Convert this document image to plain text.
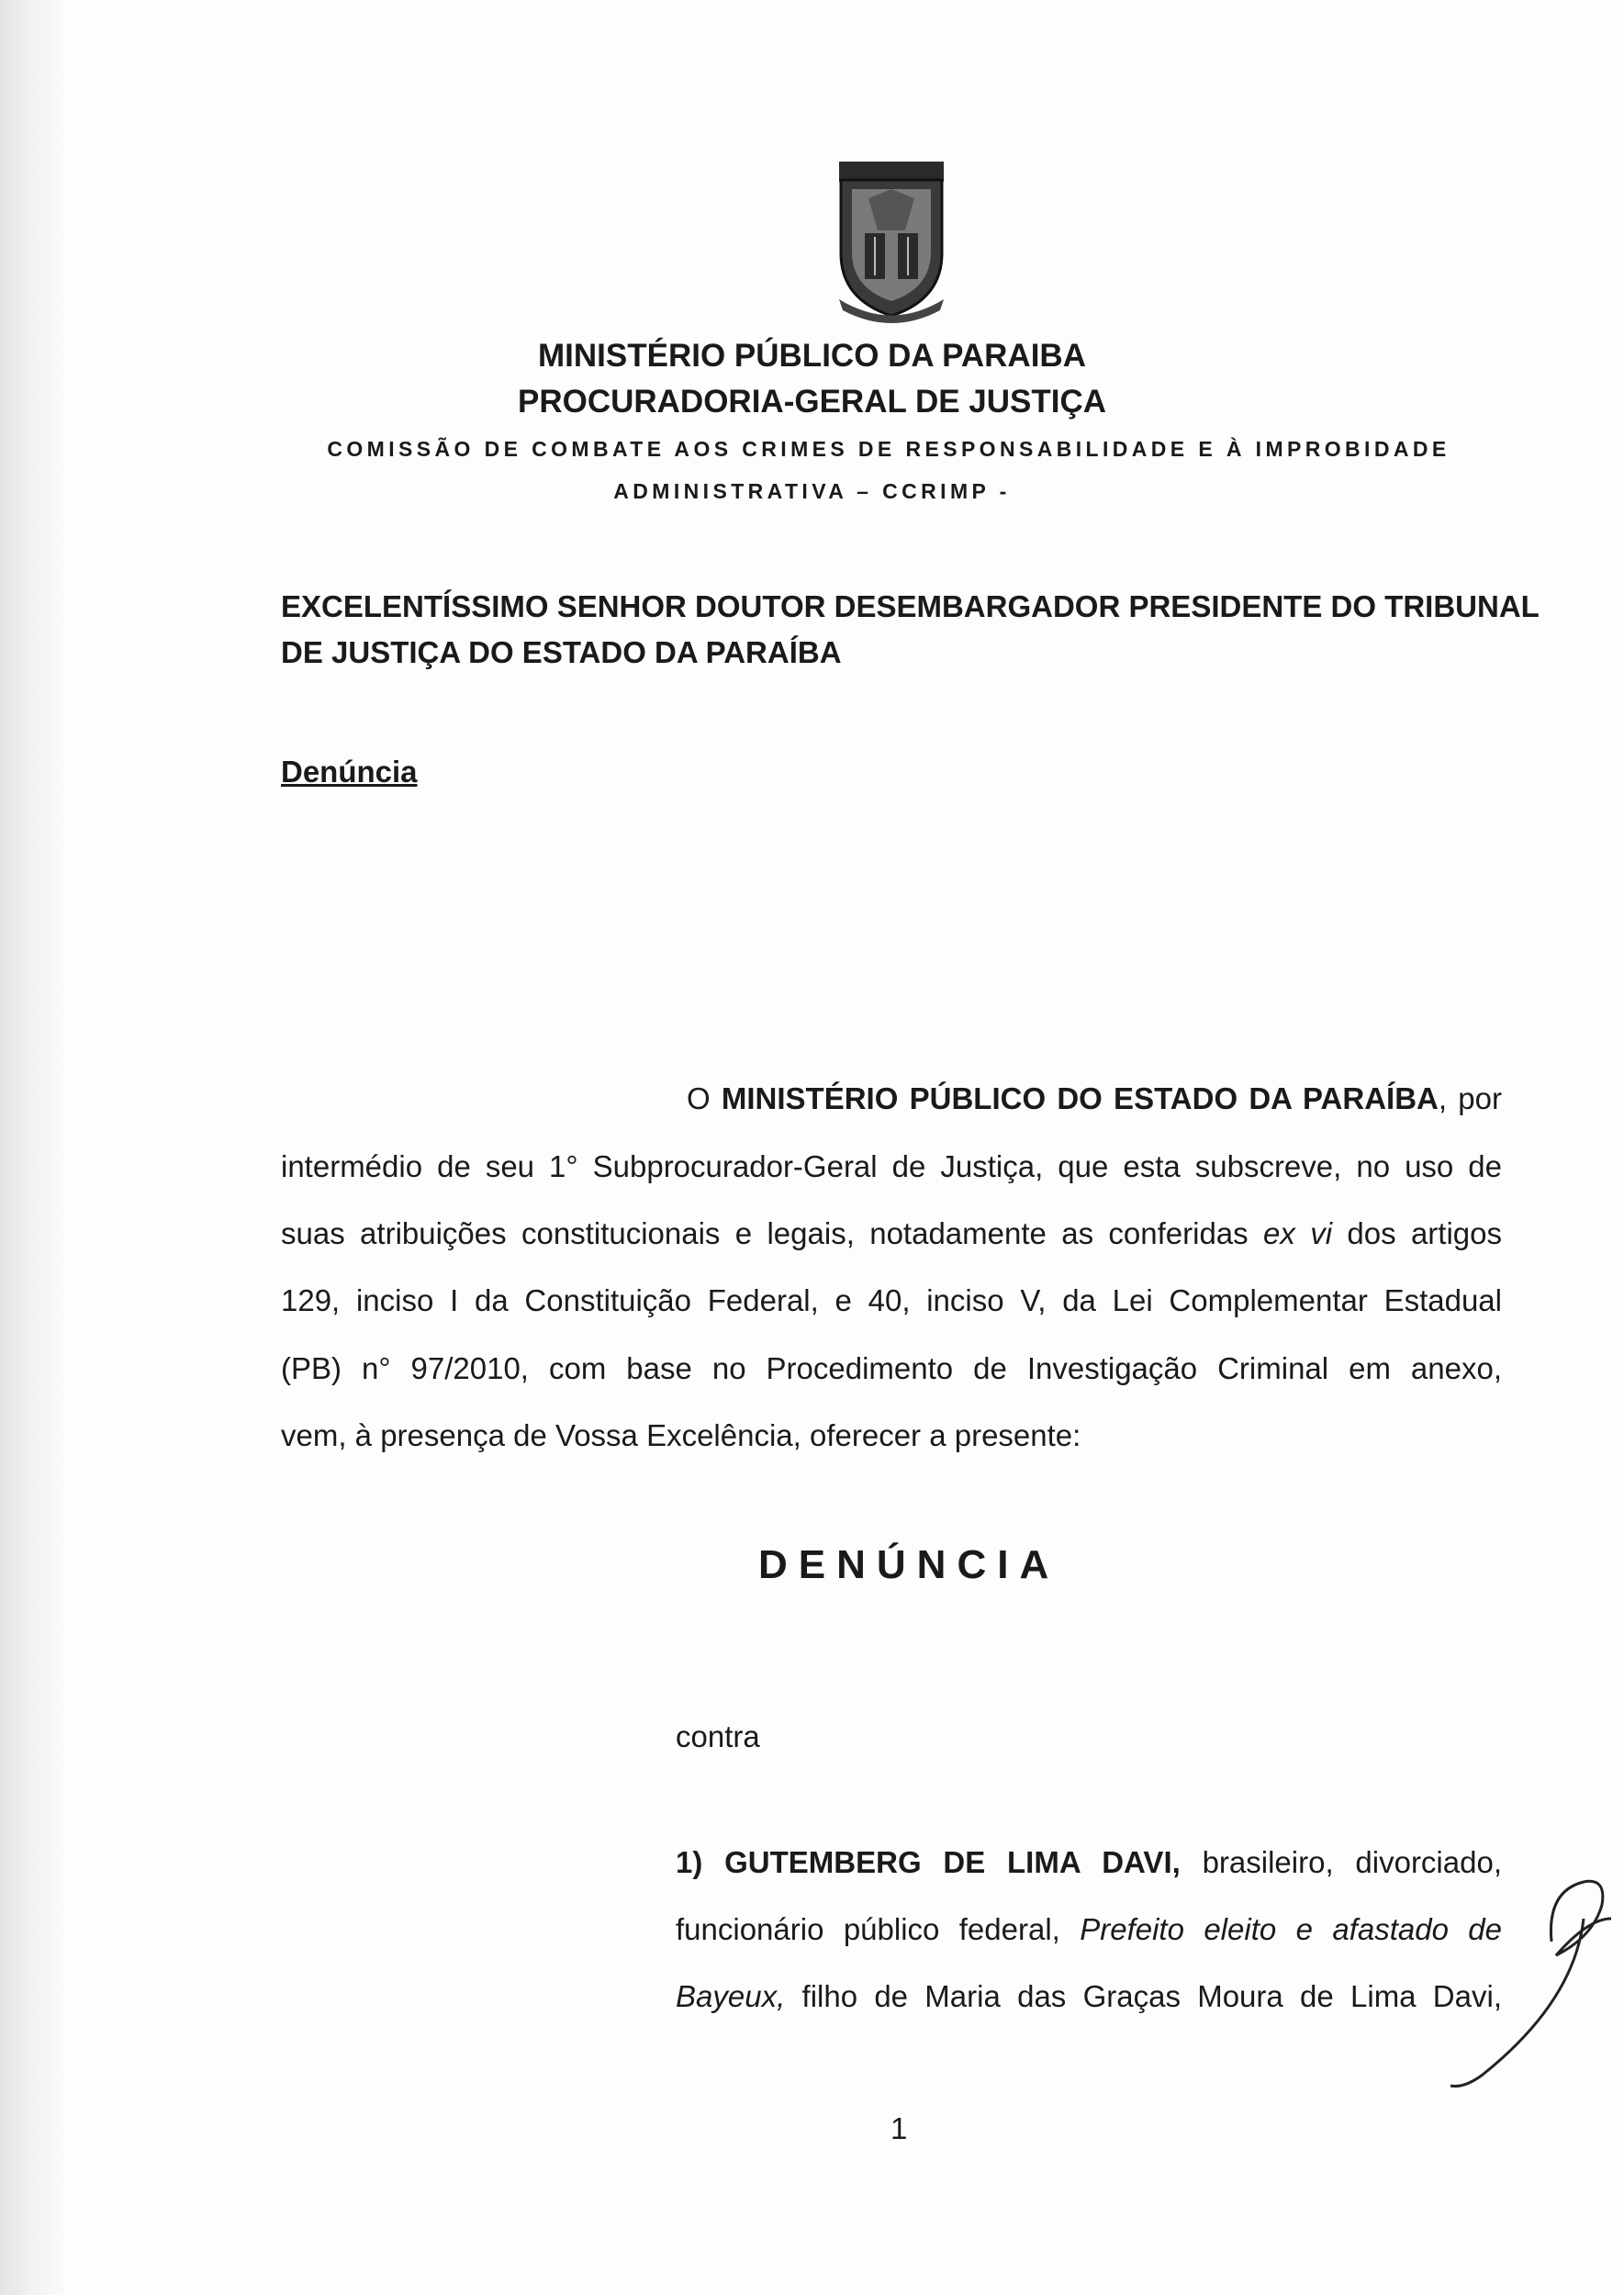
MINISTÉRIO PÚBLICO DA PARAIBA
PROCURADORIA-GERAL DE JUSTIÇA
COMISSÃO DE COMBATE AOS CRIMES DE RESPONSABILIDADE E À IMPROBIDADE
ADMINISTRATIVA – CCRIMP -
EXCELENTÍSSIMO SENHOR DOUTOR DESEMBARGADOR PRESIDENTE DO TRIBUNAL
DE JUSTIÇA DO ESTADO DA PARAÍBA
Denúncia
O MINISTÉRIO PÚBLICO DO ESTADO DA PARAÍBA, por
intermédio de seu 1° Subprocurador-Geral de Justiça, que esta subscreve, no uso de
suas atribuições constitucionais e legais, notadamente as conferidas ex vi dos artigos
129, inciso I da Constituição Federal, e 40, inciso V, da Lei Complementar Estadual
(PB) n° 97/2010, com base no Procedimento de Investigação Criminal em anexo,
vem, à presença de Vossa Excelência, oferecer a presente:
DENÚNCIA
contra
1) GUTEMBERG DE LIMA DAVI, brasileiro, divorciado,
funcionário público federal, Prefeito eleito e afastado de
Bayeux, filho de Maria das Graças Moura de Lima Davi,
1
